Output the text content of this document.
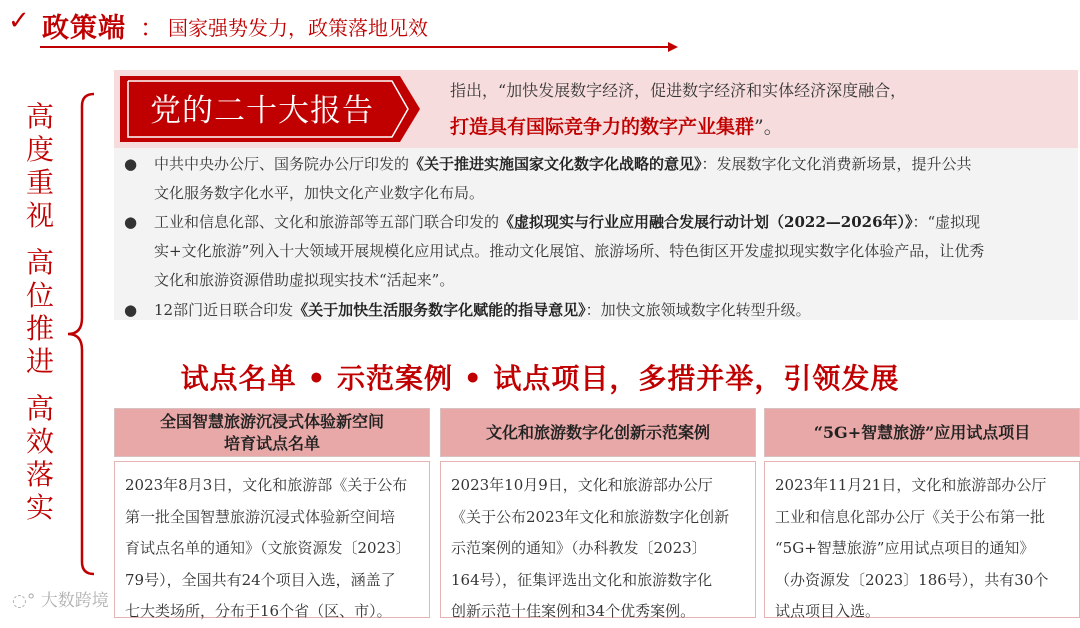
✓ 政策端 ： 国家强势发力，政策落地见效
高
度
重
视
高
位
推
进
高
效
落
实
党的二十大报告
指出，“加快发展数字经济，促进数字经济和实体经济深度融合，
打造具有国际竞争力的数字产业集群”。
●	中共中央办公厅、国务院办公厅印发的《关于推进实施国家文化数字化战略的意见》：发展数字化文化消费新场景，提升公共
文化服务数字化水平，加快文化产业数字化布局。
●	工业和信息化部、文化和旅游部等五部门联合印发的《虚拟现实与行业应用融合发展行动计划（2022—2026年）》：“虚拟现
实+文化旅游”列入十大领域开展规模化应用试点。推动文化展馆、旅游场所、特色街区开发虚拟现实数字化体验产品，让优秀
文化和旅游资源借助虚拟现实技术“活起来”。
●	12部门近日联合印发《关于加快生活服务数字化赋能的指导意见》：加快文旅领域数字化转型升级。
试点名单 • 示范案例 • 试点项目，多措并举，引领发展
全国智慧旅游沉浸式体验新空间
培育试点名单
文化和旅游数字化创新示范案例	“5G+智慧旅游”应用试点项目
2023年8月3日，文化和旅游部《关于公布
第一批全国智慧旅游沉浸式体验新空间培
育试点名单的通知》（文旅资源发〔2023〕
79号），全国共有24个项目入选，涵盖了
七大类场所，分布于16个省（区、市）。
2023年10月9日，文化和旅游部办公厅
《关于公布2023年文化和旅游数字化创新
示范案例的通知》（办科教发〔2023〕
164号），征集评选出文化和旅游数字化
创新示范十佳案例和34个优秀案例。
2023年11月21日，文化和旅游部办公厅
工业和信息化部办公厅《关于公布第一批
“5G+智慧旅游”应用试点项目的通知》
（办资源发〔2023〕186号），共有30个
试点项目入选。
◌° 大数跨境
